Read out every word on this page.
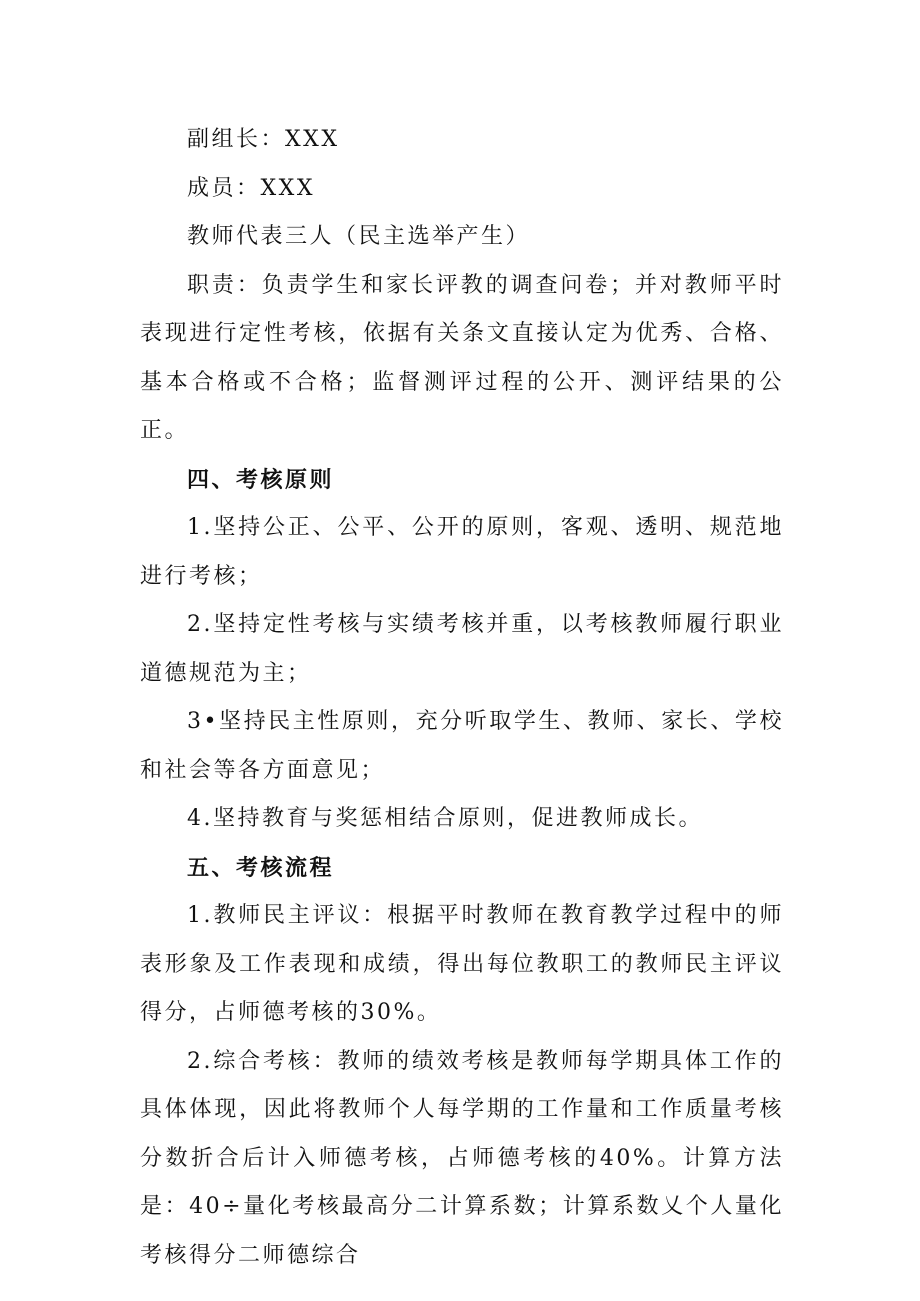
副组长：XXX

成员：XXX

教师代表三人（民主选举产生）

职责：负责学生和家长评教的调查问卷；并对教师平时表现进行定性考核，依据有关条文直接认定为优秀、合格、基本合格或不合格；监督测评过程的公开、测评结果的公正。

四、考核原则

1.坚持公正、公平、公开的原则，客观、透明、规范地进行考核；

2.坚持定性考核与实绩考核并重，以考核教师履行职业道德规范为主；

3•坚持民主性原则，充分听取学生、教师、家长、学校和社会等各方面意见；

4.坚持教育与奖惩相结合原则，促进教师成长。

五、考核流程

1.教师民主评议：根据平时教师在教育教学过程中的师表形象及工作表现和成绩，得出每位教职工的教师民主评议得分，占师德考核的30%。

2.综合考核：教师的绩效考核是教师每学期具体工作的具体体现，因此将教师个人每学期的工作量和工作质量考核分数折合后计入师德考核，占师德考核的40%。计算方法是：40÷量化考核最高分二计算系数；计算系数乂个人量化考核得分二师德综合
